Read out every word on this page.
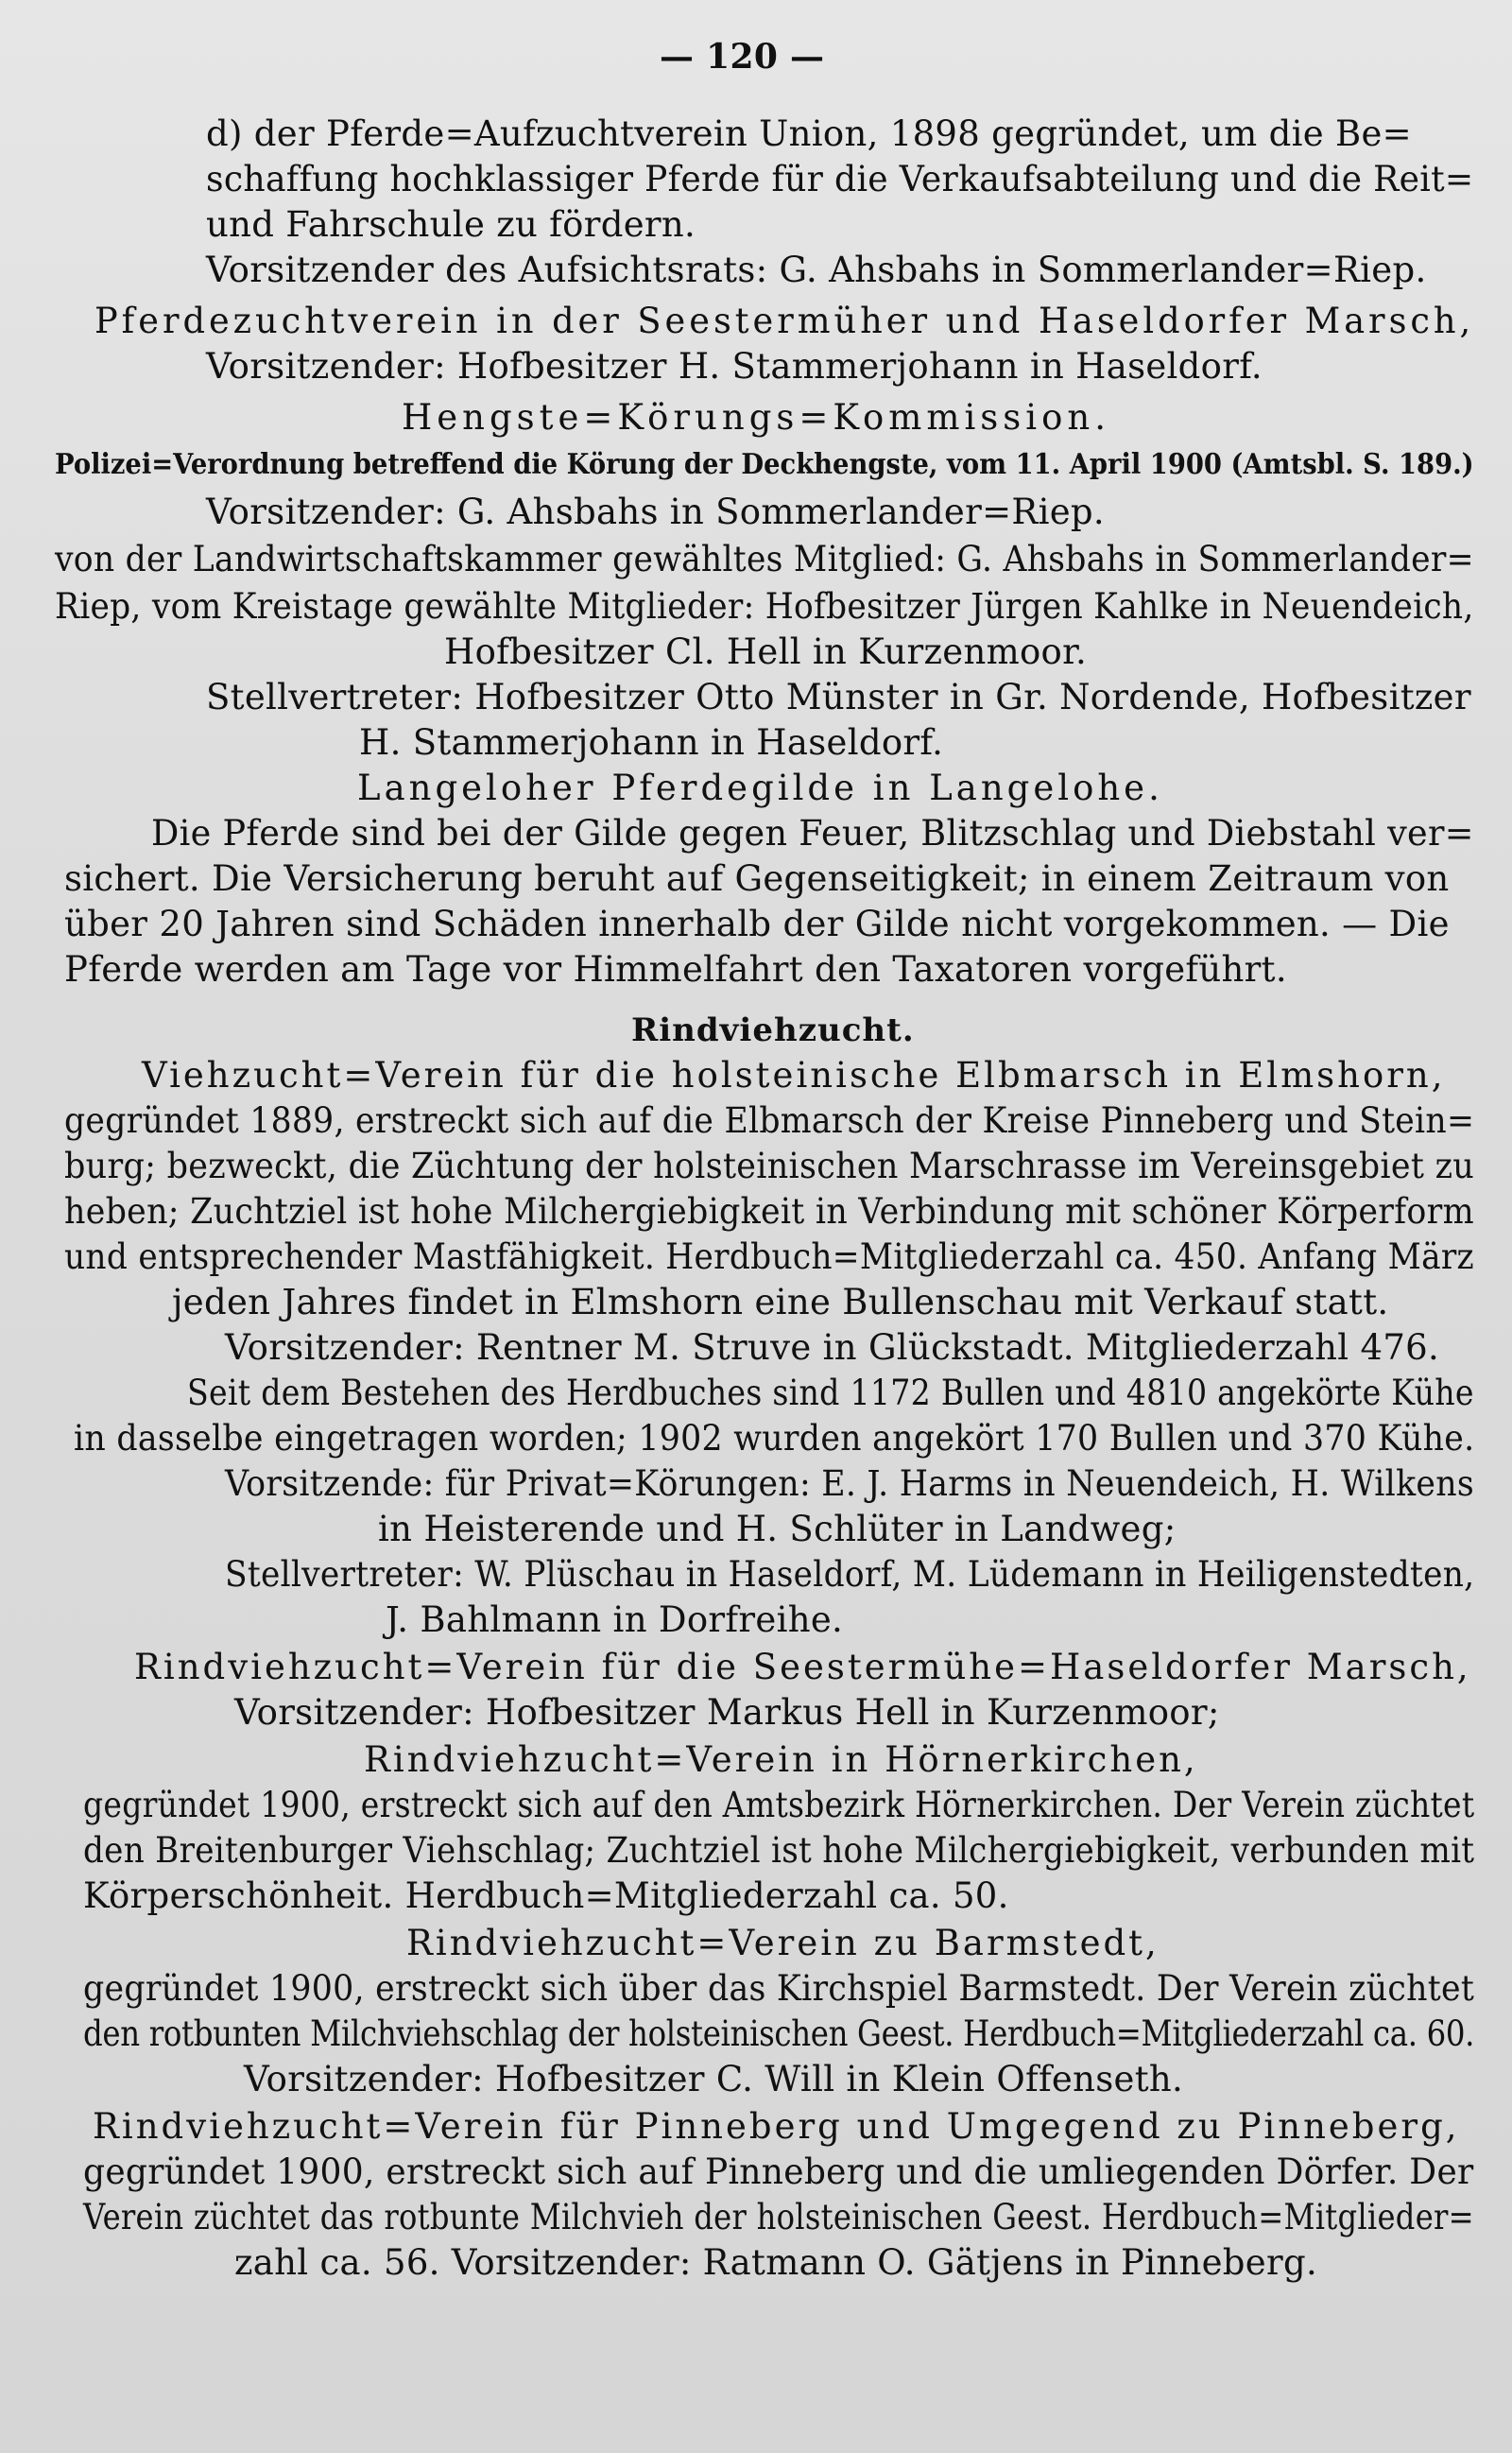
— 120 —
d) der Pferde=Aufzuchtverein Union, 1898 gegründet, um die Be=
schaffung hochklassiger Pferde für die Verkaufsabteilung und die Reit=
und Fahrschule zu fördern.
Vorsitzender des Aufsichtsrats: G. Ahsbahs in Sommerlander=Riep.
Pferdezuchtverein in der Seestermüher und Haseldorfer Marsch,
Vorsitzender: Hofbesitzer H. Stammerjohann in Haseldorf.
Hengste=Körungs=Kommission.
Polizei=Verordnung betreffend die Körung der Deckhengste, vom 11. April 1900 (Amtsbl. S. 189.)
Vorsitzender: G. Ahsbahs in Sommerlander=Riep.
von der Landwirtschaftskammer gewähltes Mitglied: G. Ahsbahs in Sommerlander=
Riep, vom Kreistage gewählte Mitglieder: Hofbesitzer Jürgen Kahlke in Neuendeich,
Hofbesitzer Cl. Hell in Kurzenmoor.
Stellvertreter: Hofbesitzer Otto Münster in Gr. Nordende, Hofbesitzer
H. Stammerjohann in Haseldorf.
Langeloher Pferdegilde in Langelohe.
Die Pferde sind bei der Gilde gegen Feuer, Blitzschlag und Diebstahl ver=
sichert. Die Versicherung beruht auf Gegenseitigkeit; in einem Zeitraum von
über 20 Jahren sind Schäden innerhalb der Gilde nicht vorgekommen. — Die
Pferde werden am Tage vor Himmelfahrt den Taxatoren vorgeführt.
Rindviehzucht.
Viehzucht=Verein für die holsteinische Elbmarsch in Elmshorn,
gegründet 1889, erstreckt sich auf die Elbmarsch der Kreise Pinneberg und Stein=
burg; bezweckt, die Züchtung der holsteinischen Marschrasse im Vereinsgebiet zu
heben; Zuchtziel ist hohe Milchergiebigkeit in Verbindung mit schöner Körperform
und entsprechender Mastfähigkeit. Herdbuch=Mitgliederzahl ca. 450. Anfang März
jeden Jahres findet in Elmshorn eine Bullenschau mit Verkauf statt.
Vorsitzender: Rentner M. Struve in Glückstadt. Mitgliederzahl 476.
Seit dem Bestehen des Herdbuches sind 1172 Bullen und 4810 angekörte Kühe
in dasselbe eingetragen worden; 1902 wurden angekört 170 Bullen und 370 Kühe.
Vorsitzende: für Privat=Körungen: E. J. Harms in Neuendeich, H. Wilkens
in Heisterende und H. Schlüter in Landweg;
Stellvertreter: W. Plüschau in Haseldorf, M. Lüdemann in Heiligenstedten,
J. Bahlmann in Dorfreihe.
Rindviehzucht=Verein für die Seestermühe=Haseldorfer Marsch,
Vorsitzender: Hofbesitzer Markus Hell in Kurzenmoor;
Rindviehzucht=Verein in Hörnerkirchen,
gegründet 1900, erstreckt sich auf den Amtsbezirk Hörnerkirchen. Der Verein züchtet
den Breitenburger Viehschlag; Zuchtziel ist hohe Milchergiebigkeit, verbunden mit
Körperschönheit. Herdbuch=Mitgliederzahl ca. 50.
Rindviehzucht=Verein zu Barmstedt,
gegründet 1900, erstreckt sich über das Kirchspiel Barmstedt. Der Verein züchtet
den rotbunten Milchviehschlag der holsteinischen Geest. Herdbuch=Mitgliederzahl ca. 60.
Vorsitzender: Hofbesitzer C. Will in Klein Offenseth.
Rindviehzucht=Verein für Pinneberg und Umgegend zu Pinneberg,
gegründet 1900, erstreckt sich auf Pinneberg und die umliegenden Dörfer. Der
Verein züchtet das rotbunte Milchvieh der holsteinischen Geest. Herdbuch=Mitglieder=
zahl ca. 56. Vorsitzender: Ratmann O. Gätjens in Pinneberg.
